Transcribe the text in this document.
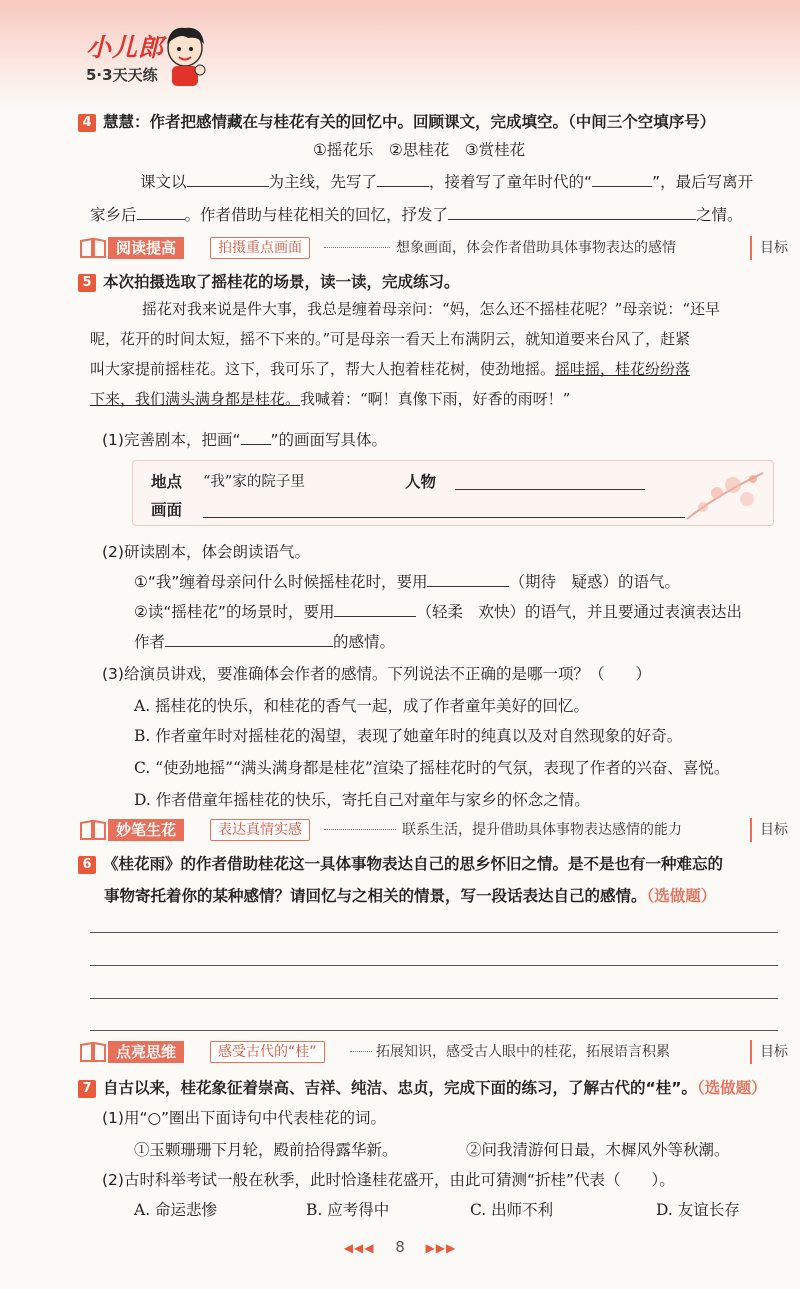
小儿郎
5·3天天练
4 慧慧：作者把感情藏在与桂花有关的回忆中。回顾课文，完成填空。（中间三个空填序号）
①摇花乐　②思桂花　③赏桂花
课文以	为主线，先写了	，接着写了童年时代的“	”，最后写离开
家乡后	。作者借助与桂花相关的回忆，抒发了	之情。
阅读提高	拍摄重点画面	想象画面，体会作者借助具体事物表达的感情	目标
5 本次拍摄选取了摇桂花的场景，读一读，完成练习。
摇花对我来说是件大事，我总是缠着母亲问：“妈，怎么还不摇桂花呢？”母亲说：“还早
呢，花开的时间太短，摇不下来的。”可是母亲一看天上布满阴云，就知道要来台风了，赶紧
叫大家提前摇桂花。这下，我可乐了，帮大人抱着桂花树，使劲地摇。摇哇摇，桂花纷纷落
下来，我们满头满身都是桂花。我喊着：“啊！真像下雨，好香的雨呀！”
(1)完善剧本，把画“ ”的画面写具体。
地点 “我”家的院子里	人物
画面
(2)研读剧本，体会朗读语气。
①“我”缠着母亲问什么时候摇桂花时，要用	（期待　疑惑）的语气。
②读“摇桂花”的场景时，要用	（轻柔　欢快）的语气，并且要通过表演表达出
作者	的感情。
(3)给演员讲戏，要准确体会作者的感情。下列说法不正确的是哪一项？（　　）
A. 摇桂花的快乐，和桂花的香气一起，成了作者童年美好的回忆。
B. 作者童年时对摇桂花的渴望，表现了她童年时的纯真以及对自然现象的好奇。
C. “使劲地摇”“满头满身都是桂花”渲染了摇桂花时的气氛，表现了作者的兴奋、喜悦。
D. 作者借童年摇桂花的快乐，寄托自己对童年与家乡的怀念之情。
妙笔生花	表达真情实感	联系生活，提升借助具体事物表达感情的能力	目标
6 《桂花雨》的作者借助桂花这一具体事物表达自己的思乡怀旧之情。是不是也有一种难忘的
事物寄托着你的某种感情？请回忆与之相关的情景，写一段话表达自己的感情。（选做题）
点亮思维	感受古代的“桂”	拓展知识，感受古人眼中的桂花，拓展语言积累	目标
7 自古以来，桂花象征着崇高、吉祥、纯洁、忠贞，完成下面的练习，了解古代的“桂”。（选做题）
(1)用“○”圈出下面诗句中代表桂花的词。
①玉颗珊珊下月轮，殿前拾得露华新。	②问我清游何日最，木樨风外等秋潮。
(2)古时科举考试一般在秋季，此时恰逢桂花盛开，由此可猜测“折桂”代表（　　）。
A. 命运悲惨	B. 应考得中	C. 出师不利	D. 友谊长存
◀◀◀ 8 ▶▶▶
